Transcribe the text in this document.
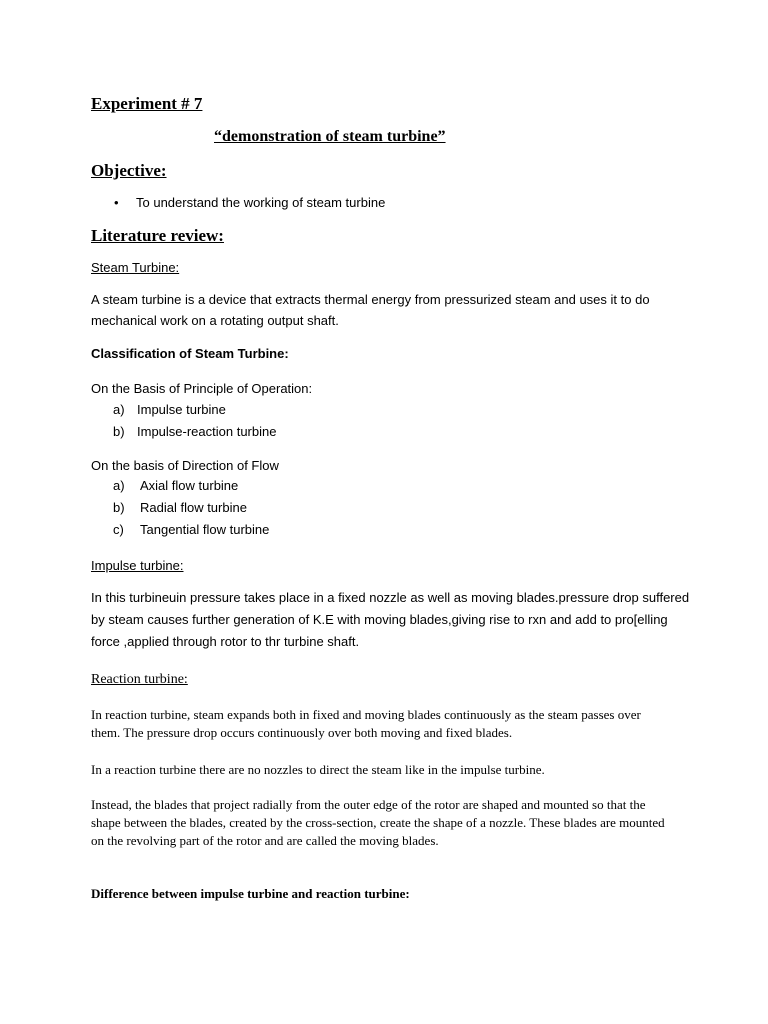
Experiment # 7
“demonstration of steam turbine”
Objective:

• To understand the working of steam turbine

Literature review:
Steam Turbine:

A steam turbine is a device that extracts thermal energy from pressurized steam and uses it to do mechanical work on a rotating output shaft.

Classification of Steam Turbine:

On the Basis of Principle of Operation:

a) Impulse turbine
b) Impulse-reaction turbine

On the basis of Direction of Flow

a) Axial flow turbine
b) Radial flow turbine
c) Tangential flow turbine
Impulse turbine:

In this turbineuin pressure takes place in a fixed nozzle as well as moving blades.pressure drop suffered by steam causes further generation of K.E with moving blades,giving rise to rxn and add to pro[elling force ,applied through rotor to thr turbine shaft.

Reaction turbine:

In reaction turbine, steam expands both in fixed and moving blades continuously as the steam passes over them. The pressure drop occurs continuously over both moving and fixed blades.

In a reaction turbine there are no nozzles to direct the steam like in the impulse turbine.

Instead, the blades that project radially from the outer edge of the rotor are shaped and mounted so that the shape between the blades, created by the cross-section, create the shape of a nozzle. These blades are mounted on the revolving part of the rotor and are called the moving blades.

Difference between impulse turbine and reaction turbine:
